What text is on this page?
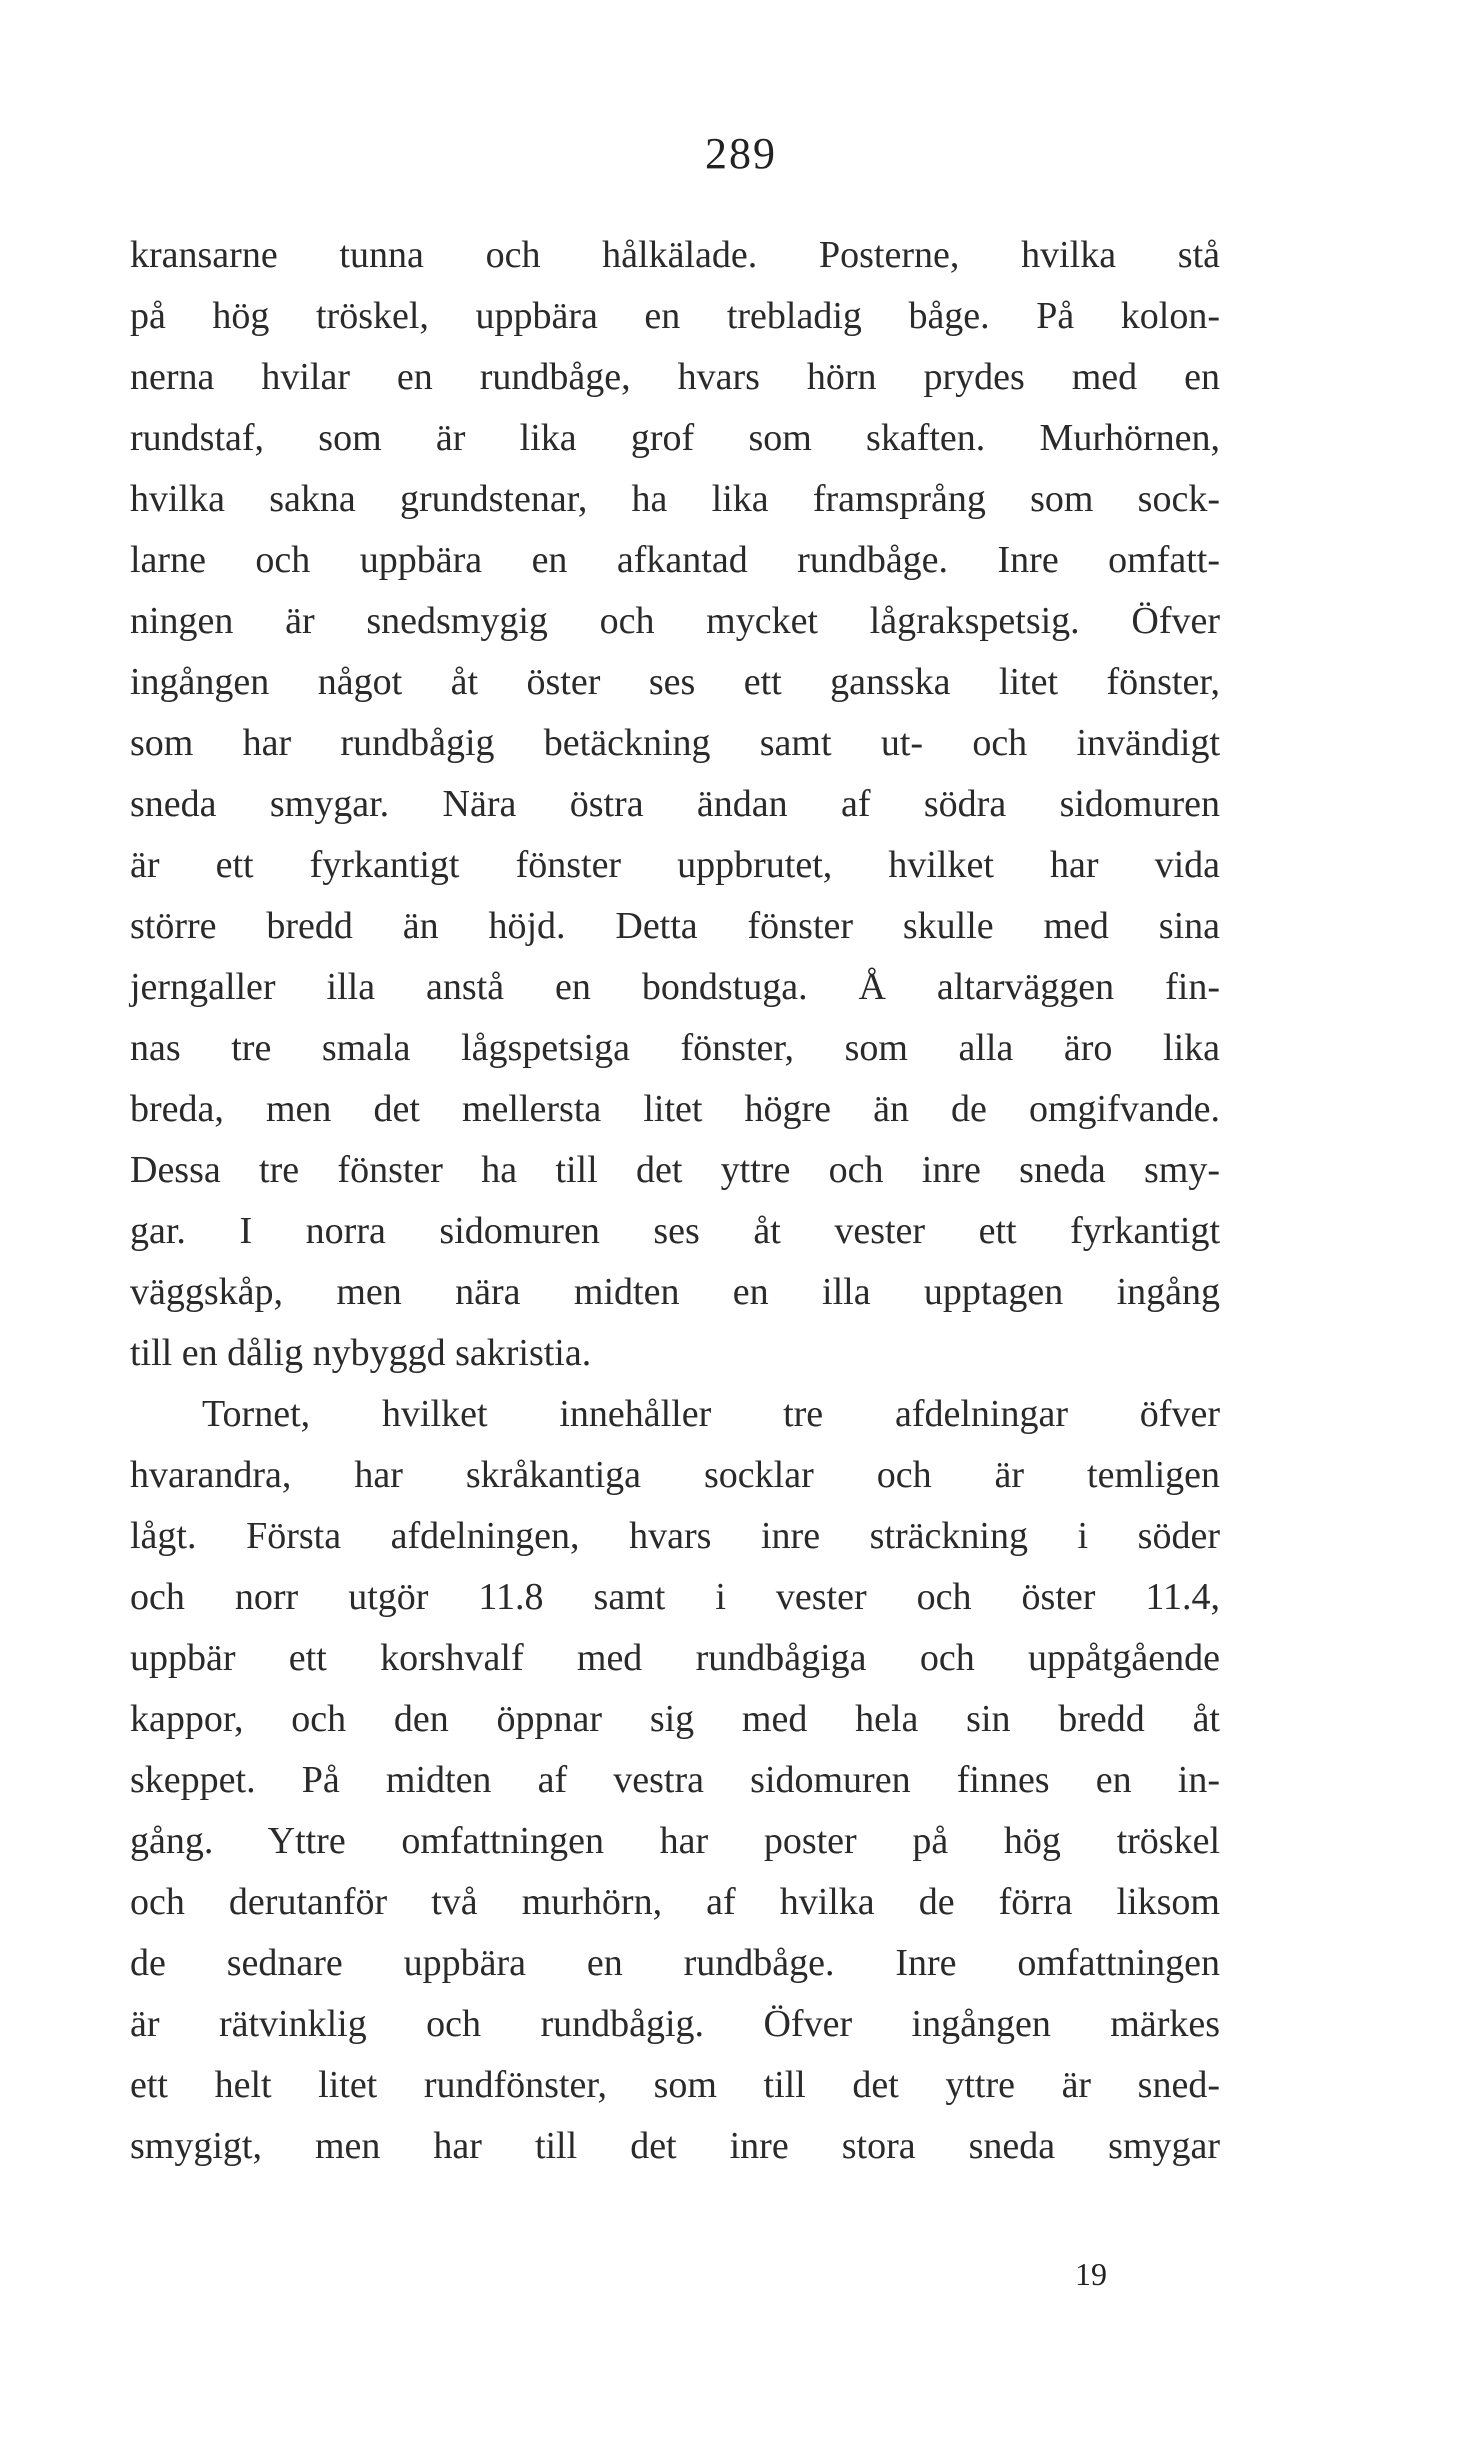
289
kransarne tunna och hålkälade. Posterne, hvilka stå
på hög tröskel, uppbära en trebladig båge. På kolon-
nerna hvilar en rundbåge, hvars hörn prydes med en
rundstaf, som är lika grof som skaften. Murhörnen,
hvilka sakna grundstenar, ha lika framsprång som sock-
larne och uppbära en afkantad rundbåge. Inre omfatt-
ningen är snedsmygig och mycket lågrakspetsig. Öfver
ingången något åt öster ses ett gansska litet fönster,
som har rundbågig betäckning samt ut- och invändigt
sneda smygar. Nära östra ändan af södra sidomuren
är ett fyrkantigt fönster uppbrutet, hvilket har vida
större bredd än höjd. Detta fönster skulle med sina
jerngaller illa anstå en bondstuga. Å altarväggen fin-
nas tre smala lågspetsiga fönster, som alla äro lika
breda, men det mellersta litet högre än de omgifvande.
Dessa tre fönster ha till det yttre och inre sneda smy-
gar. I norra sidomuren ses åt vester ett fyrkantigt
väggskåp, men nära midten en illa upptagen ingång
till en dålig nybyggd sakristia.
Tornet, hvilket innehåller tre afdelningar öfver
hvarandra, har skråkantiga socklar och är temligen
lågt. Första afdelningen, hvars inre sträckning i söder
och norr utgör 11.8 samt i vester och öster 11.4,
uppbär ett korshvalf med rundbågiga och uppåtgående
kappor, och den öppnar sig med hela sin bredd åt
skeppet. På midten af vestra sidomuren finnes en in-
gång. Yttre omfattningen har poster på hög tröskel
och derutanför två murhörn, af hvilka de förra liksom
de sednare uppbära en rundbåge. Inre omfattningen
är rätvinklig och rundbågig. Öfver ingången märkes
ett helt litet rundfönster, som till det yttre är sned-
smygigt, men har till det inre stora sneda smygar
19
